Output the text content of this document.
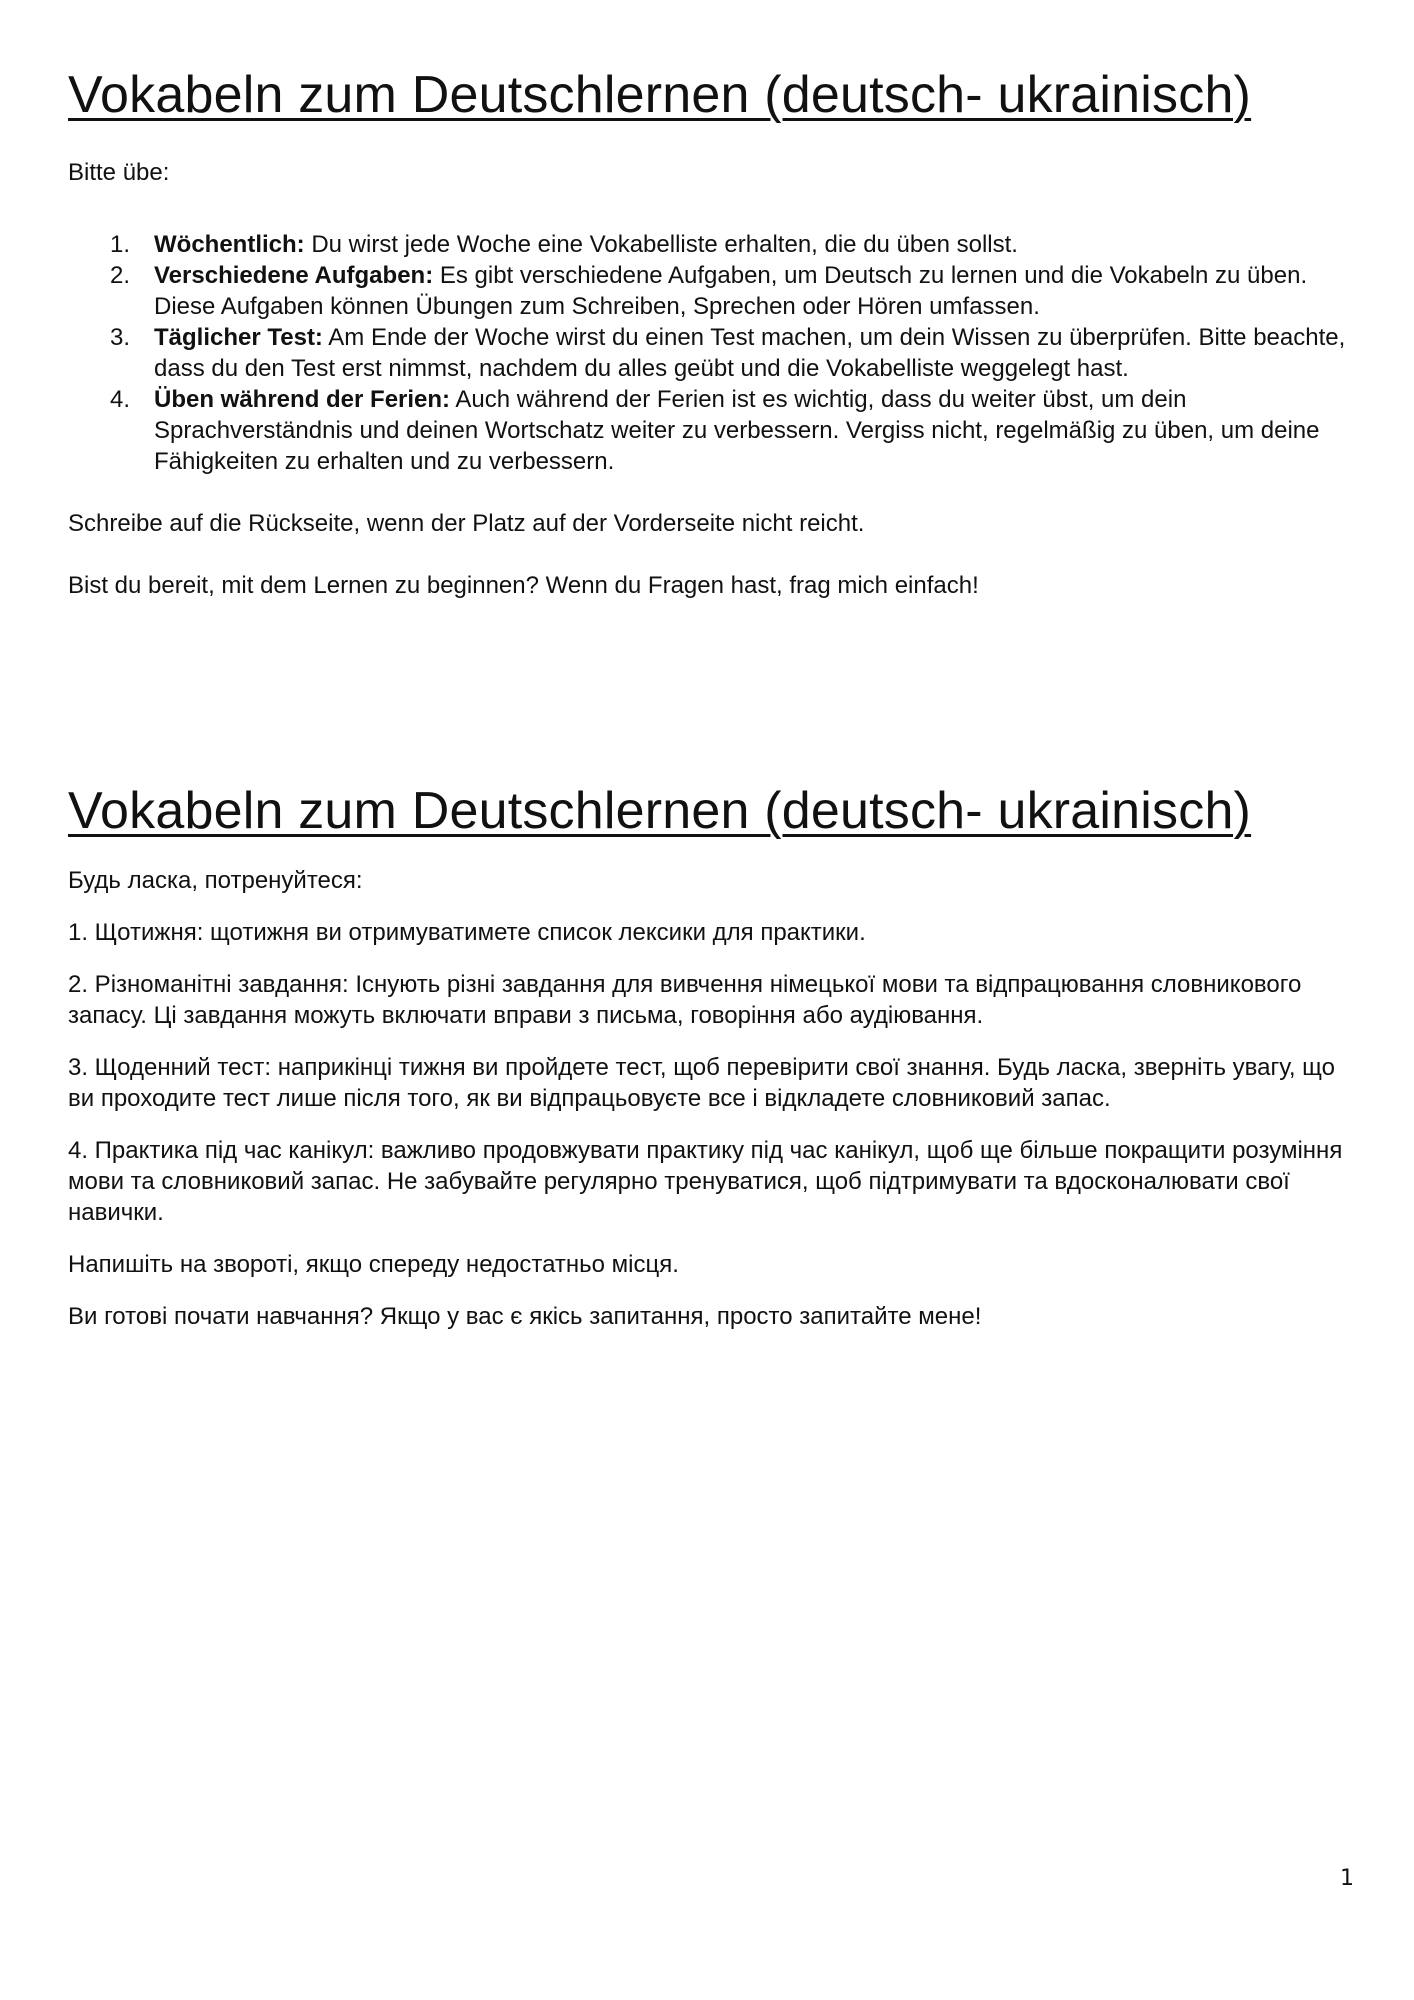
Vokabeln zum Deutschlernen (deutsch- ukrainisch)

Bitte übe:

1. Wöchentlich: Du wirst jede Woche eine Vokabelliste erhalten, die du üben sollst.
2. Verschiedene Aufgaben: Es gibt verschiedene Aufgaben, um Deutsch zu lernen und die Vokabeln zu üben. Diese Aufgaben können Übungen zum Schreiben, Sprechen oder Hören umfassen.
3. Täglicher Test: Am Ende der Woche wirst du einen Test machen, um dein Wissen zu überprüfen. Bitte beachte, dass du den Test erst nimmst, nachdem du alles geübt und die Vokabelliste weggelegt hast.
4. Üben während der Ferien: Auch während der Ferien ist es wichtig, dass du weiter übst, um dein Sprachverständnis und deinen Wortschatz weiter zu verbessern. Vergiss nicht, regelmäßig zu üben, um deine Fähigkeiten zu erhalten und zu verbessern.

Schreibe auf die Rückseite, wenn der Platz auf der Vorderseite nicht reicht.

Bist du bereit, mit dem Lernen zu beginnen? Wenn du Fragen hast, frag mich einfach!

Vokabeln zum Deutschlernen (deutsch- ukrainisch)

Будь ласка, потренуйтеся:

1. Щотижня: щотижня ви отримуватимете список лексики для практики.

2. Різноманітні завдання: Існують різні завдання для вивчення німецької мови та відпрацювання словникового запасу. Ці завдання можуть включати вправи з письма, говоріння або аудіювання.

3. Щоденний тест: наприкінці тижня ви пройдете тест, щоб перевірити свої знання. Будь ласка, зверніть увагу, що ви проходите тест лише після того, як ви відпрацьовуєте все і відкладете словниковий запас.

4. Практика під час канікул: важливо продовжувати практику під час канікул, щоб ще більше покращити розуміння мови та словниковий запас. Не забувайте регулярно тренуватися, щоб підтримувати та вдосконалювати свої навички.

Напишіть на звороті, якщо спереду недостатньо місця.

Ви готові почати навчання? Якщо у вас є якісь запитання, просто запитайте мене!

1
